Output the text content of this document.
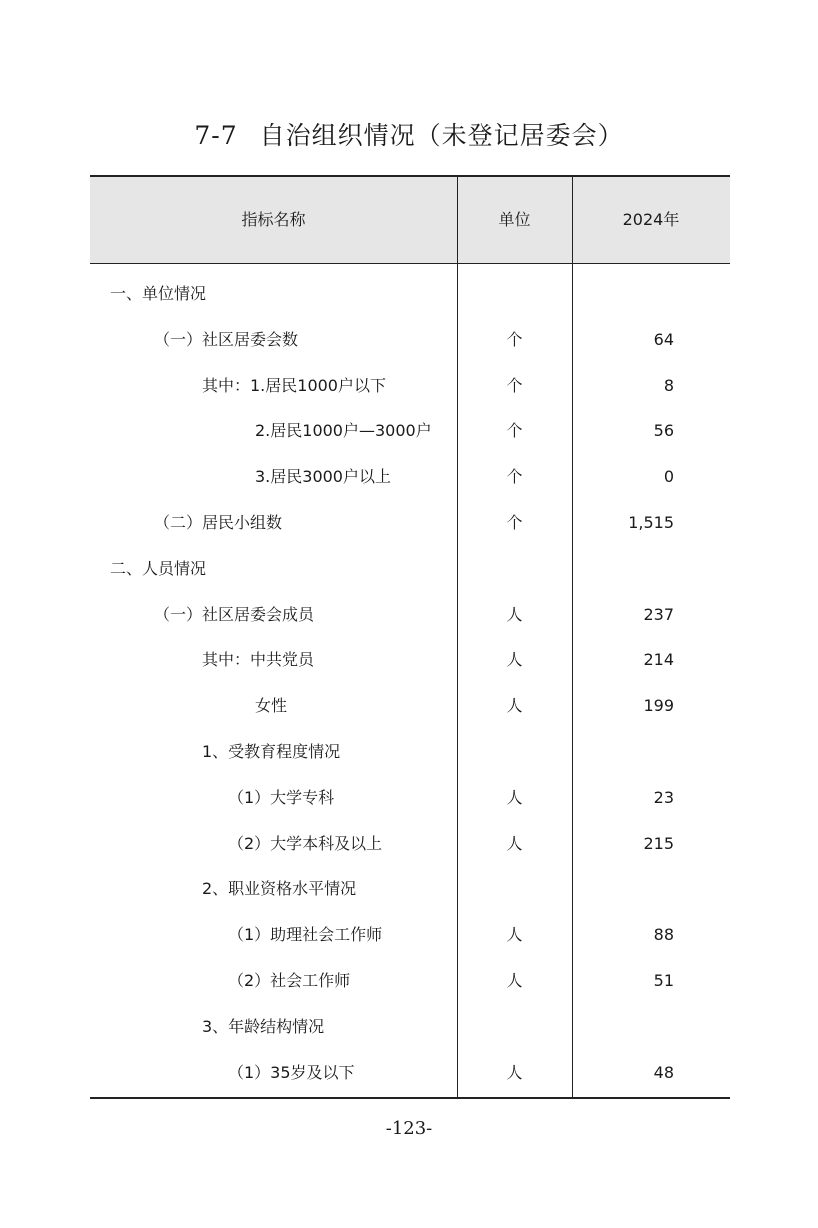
7-7 自治组织情况（未登记居委会）
指标名称	单位	2024年
一、单位情况
（一）社区居委会数	个	64
其中：1.居民1000户以下	个	8
2.居民1000户—3000户	个	56
3.居民3000户以上	个	0
（二）居民小组数	个	1,515
二、人员情况
（一）社区居委会成员	人	237
其中：中共党员	人	214
女性	人	199
1、受教育程度情况
（1）大学专科	人	23
（2）大学本科及以上	人	215
2、职业资格水平情况
（1）助理社会工作师	人	88
（2）社会工作师	人	51
3、年龄结构情况
（1）35岁及以下	人	48
-123-
